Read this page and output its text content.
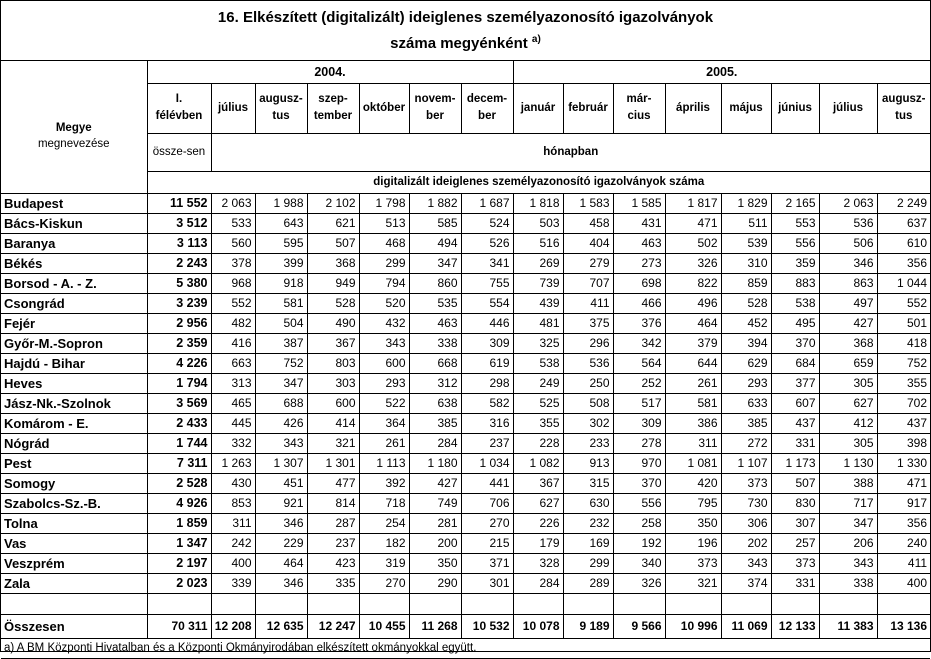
16. Elkészített (digitalizált) ideiglenes személyazonosító igazolványok
száma megyénként $^{a)}$
Megye
megnevezése	2004.							2005.							

	I.
félévben	július	augusz-tus	szep-tember	október	novem-ber	decem-ber	január	február	már-cius	április	május	június	július	augusz-tus
	össze-sen	hónapban													
	digitalizált ideiglenes személyazonosító igazolványok száma														
Budapest	11 552	2 063	1 988	2 102	1 798	1 882	1 687	1 818	1 583	1 585	1 817	1 829	2 165	2 063	2 249
Bács-Kiskun	3 512	533	643	621	513	585	524	503	458	431	471	511	553	536	637
Baranya	3 113	560	595	507	468	494	526	516	404	463	502	539	556	506	610
Békés	2 243	378	399	368	299	347	341	269	279	273	326	310	359	346	356
Borsod - A. - Z.	5 380	968	918	949	794	860	755	739	707	698	822	859	883	863	1 044
Csongrád	3 239	552	581	528	520	535	554	439	411	466	496	528	538	497	552
Fejér	2 956	482	504	490	432	463	446	481	375	376	464	452	495	427	501
Győr-M.-Sopron	2 359	416	387	367	343	338	309	325	296	342	379	394	370	368	418
Hajdú - Bihar	4 226	663	752	803	600	668	619	538	536	564	644	629	684	659	752
Heves	1 794	313	347	303	293	312	298	249	250	252	261	293	377	305	355
Jász-Nk.-Szolnok	3 569	465	688	600	522	638	582	525	508	517	581	633	607	627	702
Komárom - E.	2 433	445	426	414	364	385	316	355	302	309	386	385	437	412	437
Nógrád	1 744	332	343	321	261	284	237	228	233	278	311	272	331	305	398
Pest	7 311	1 263	1 307	1 301	1 113	1 180	1 034	1 082	913	970	1 081	1 107	1 173	1 130	1 330
Somogy	2 528	430	451	477	392	427	441	367	315	370	420	373	507	388	471
Szabolcs-Sz.-B.	4 926	853	921	814	718	749	706	627	630	556	795	730	830	717	917
Tolna	1 859	311	346	287	254	281	270	226	232	258	350	306	307	347	356
Vas	1 347	242	229	237	182	200	215	179	169	192	196	202	257	206	240
Veszprém	2 197	400	464	423	319	350	371	328	299	340	373	343	373	343	411
Zala	2 023	339	346	335	270	290	301	284	289	326	321	374	331	338	400

Összesen	70 311	12 208	12 635	12 247	10 455	11 268	10 532	10 078	9 189	9 566	10 996	11 069	12 133	11 383	13 136
a) A BM Központi Hivatalban és a Központi Okmányirodában elkészített okmányokkal együtt.															
